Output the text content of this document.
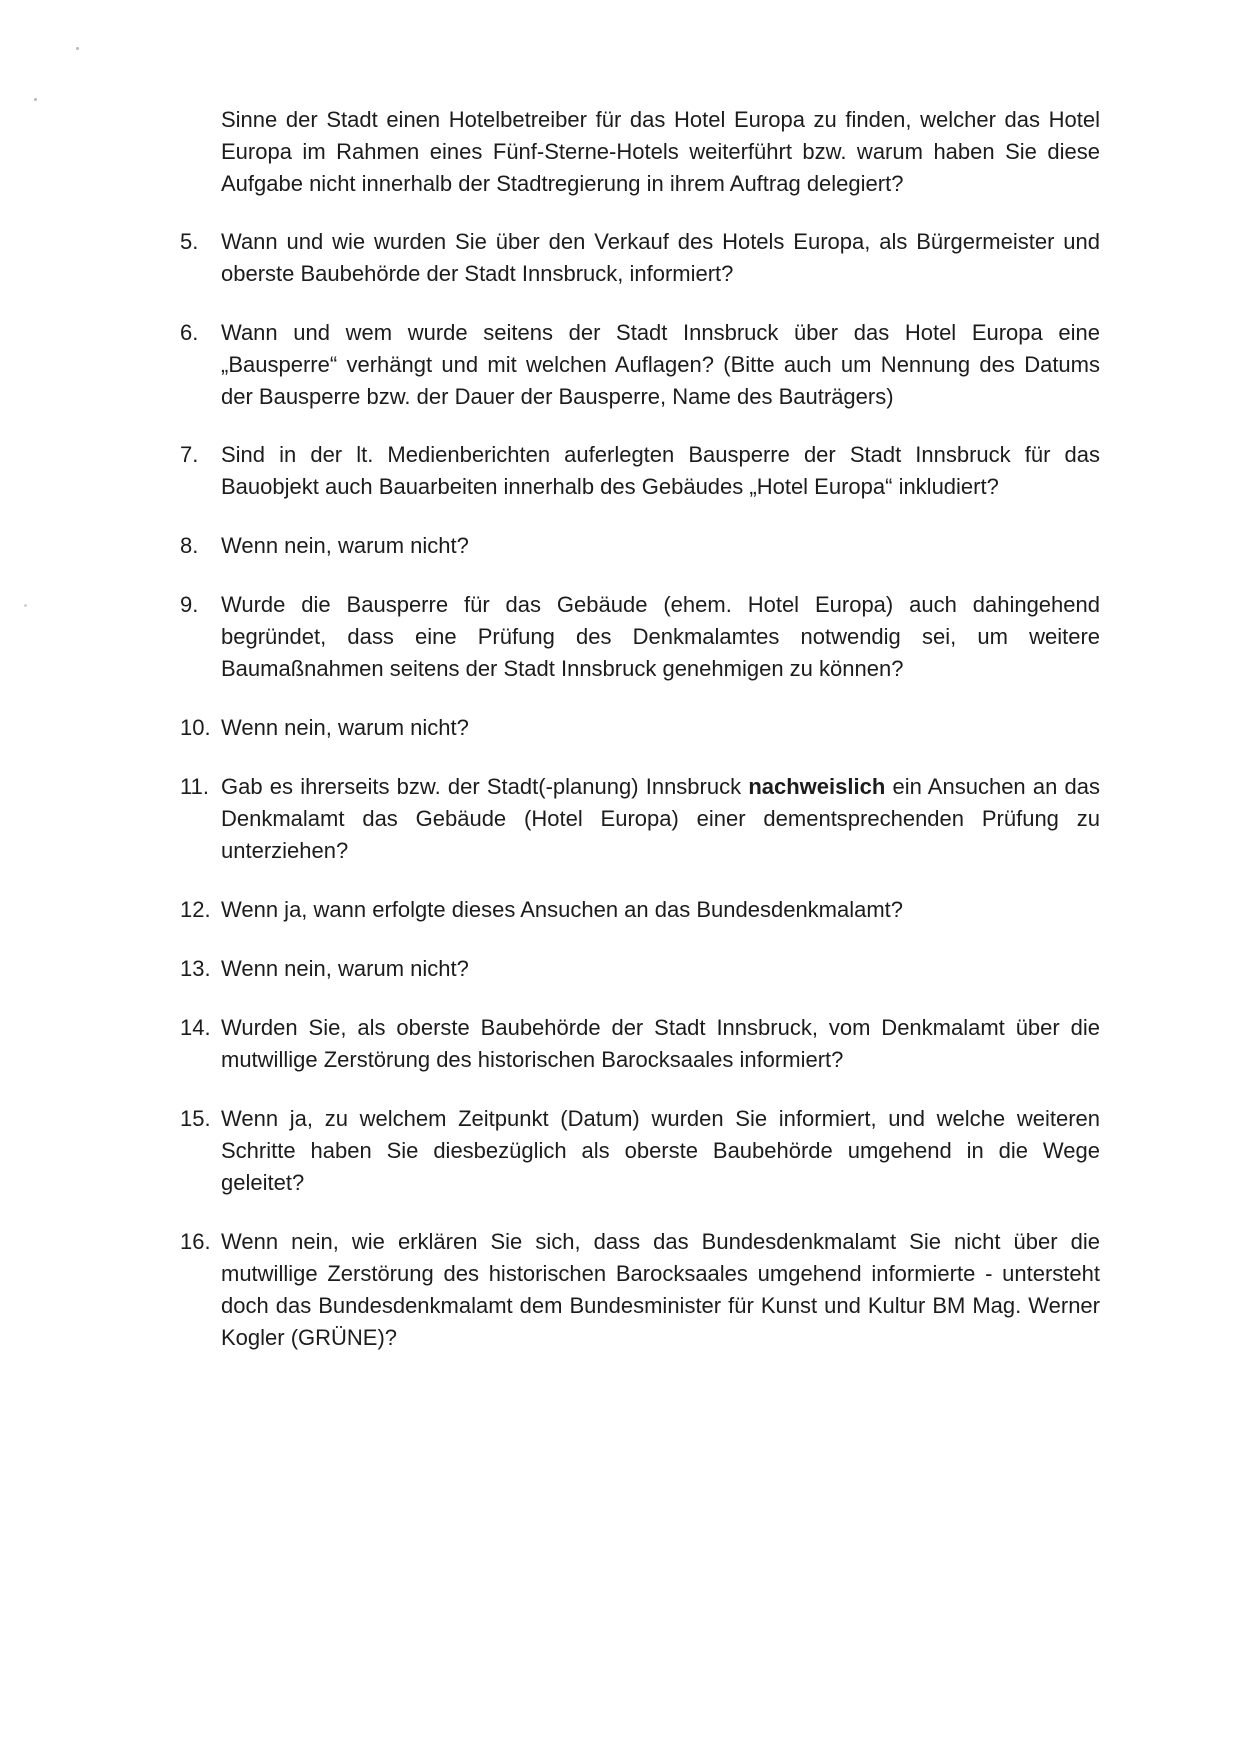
Sinne der Stadt einen Hotelbetreiber für das Hotel Europa zu finden, welcher das Hotel Europa im Rahmen eines Fünf-Sterne-Hotels weiterführt bzw. warum haben Sie diese Aufgabe nicht innerhalb der Stadtregierung in ihrem Auftrag delegiert?

5.	Wann und wie wurden Sie über den Verkauf des Hotels Europa, als Bürgermeister und oberste Baubehörde der Stadt Innsbruck, informiert?
6.	Wann und wem wurde seitens der Stadt Innsbruck über das Hotel Europa eine „Bausperre“ verhängt und mit welchen Auflagen? (Bitte auch um Nennung des Datums der Bausperre bzw. der Dauer der Bausperre, Name des Bauträgers)
7.	Sind in der lt. Medienberichten auferlegten Bausperre der Stadt Innsbruck für das Bauobjekt auch Bauarbeiten innerhalb des Gebäudes „Hotel Europa“ inkludiert?
8.	Wenn nein, warum nicht?
9.	Wurde die Bausperre für das Gebäude (ehem. Hotel Europa) auch dahingehend begründet, dass eine Prüfung des Denkmalamtes notwendig sei, um weitere Baumaßnahmen seitens der Stadt Innsbruck genehmigen zu können?
10. Wenn nein, warum nicht?
11. Gab es ihrerseits bzw. der Stadt(-planung) Innsbruck nachweislich ein Ansuchen an das Denkmalamt das Gebäude (Hotel Europa) einer dementsprechenden Prüfung zu unterziehen?
12. Wenn ja, wann erfolgte dieses Ansuchen an das Bundesdenkmalamt?
13. Wenn nein, warum nicht?
14. Wurden Sie, als oberste Baubehörde der Stadt Innsbruck, vom Denkmalamt über die mutwillige Zerstörung des historischen Barocksaales informiert?
15. Wenn ja, zu welchem Zeitpunkt (Datum) wurden Sie informiert, und welche weiteren Schritte haben Sie diesbezüglich als oberste Baubehörde umgehend in die Wege geleitet?
16. Wenn nein, wie erklären Sie sich, dass das Bundesdenkmalamt Sie nicht über die mutwillige Zerstörung des historischen Barocksaales umgehend informierte - untersteht doch das Bundesdenkmalamt dem Bundesminister für Kunst und Kultur BM Mag. Werner Kogler (GRÜNE)?
